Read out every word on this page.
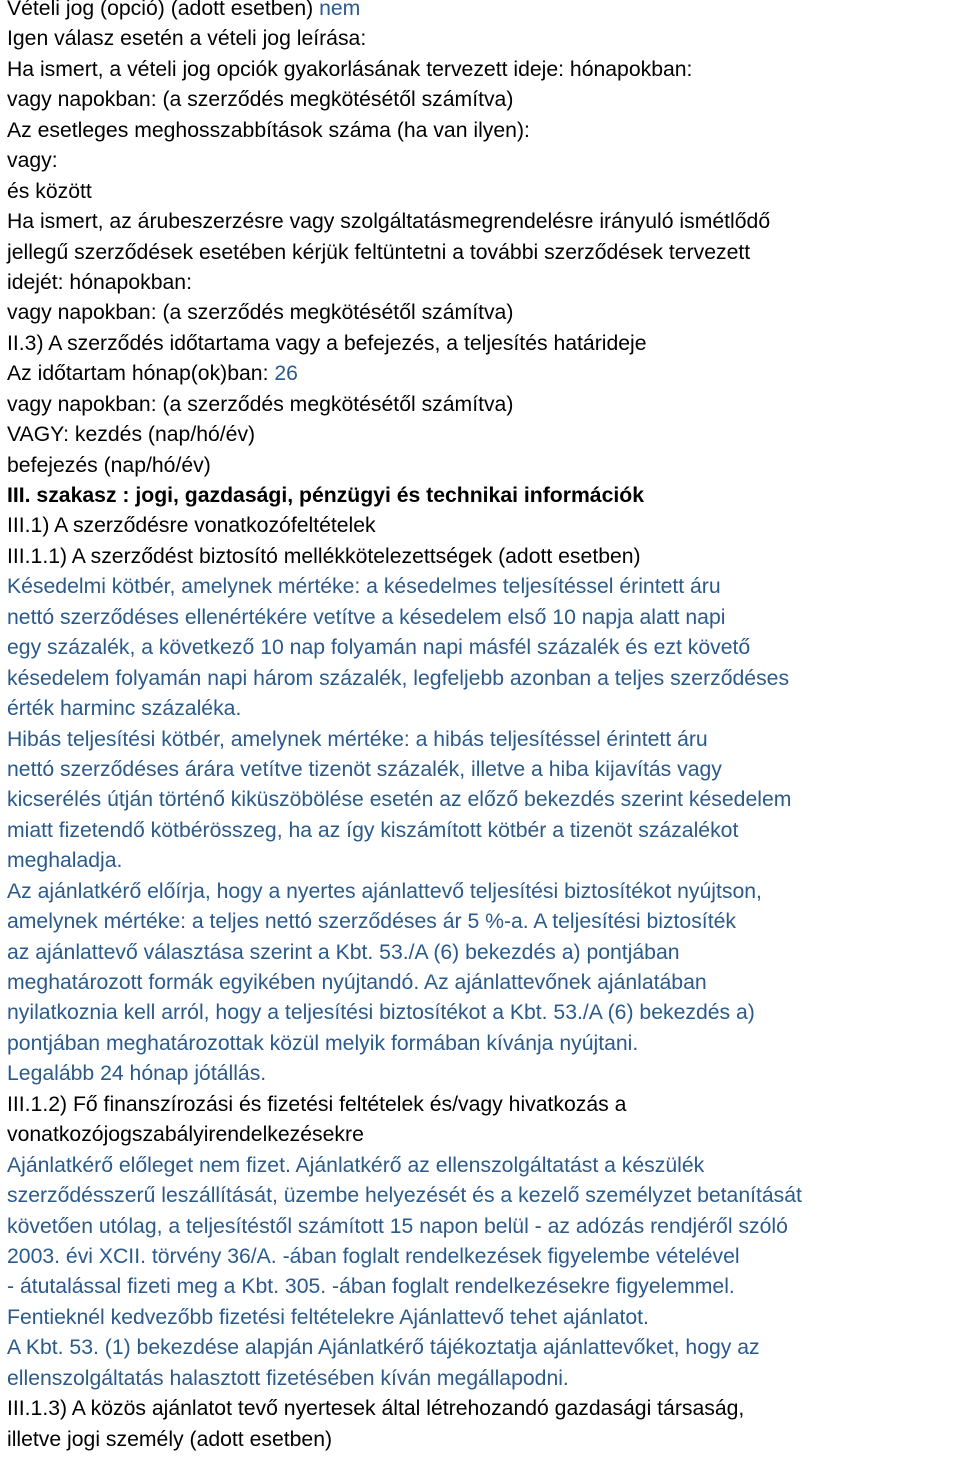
Vételi jog (opció) (adott esetben) nem
Igen válasz esetén a vételi jog leírása:
Ha ismert, a vételi jog opciók gyakorlásának tervezett ideje: hónapokban:
vagy napokban: (a szerződés megkötésétől számítva)
Az esetleges meghosszabbítások száma (ha van ilyen):
vagy:
és között
Ha ismert, az árubeszerzésre vagy szolgáltatásmegrendelésre irányuló ismétlődő
jellegű szerződések esetében kérjük feltüntetni a további szerződések tervezett
idejét: hónapokban:
vagy napokban: (a szerződés megkötésétől számítva)
II.3) A szerződés időtartama vagy a befejezés, a teljesítés határideje
Az időtartam hónap(ok)ban: 26
vagy napokban: (a szerződés megkötésétől számítva)
VAGY: kezdés (nap/hó/év)
befejezés (nap/hó/év)
III. szakasz : jogi, gazdasági, pénzügyi és technikai információk
III.1) A szerződésre vonatkozófeltételek
III.1.1) A szerződést biztosító mellékkötelezettségek (adott esetben)
Késedelmi kötbér, amelynek mértéke: a késedelmes teljesítéssel érintett áru
nettó szerződéses ellenértékére vetítve a késedelem első 10 napja alatt napi
egy százalék, a következő 10 nap folyamán napi másfél százalék és ezt követő
késedelem folyamán napi három százalék, legfeljebb azonban a teljes szerződéses
érték harminc százaléka.
Hibás teljesítési kötbér, amelynek mértéke: a hibás teljesítéssel érintett áru
nettó szerződéses árára vetítve tizenöt százalék, illetve a hiba kijavítás vagy
kicserélés útján történő kiküszöbölése esetén az előző bekezdés szerint késedelem
miatt fizetendő kötbérösszeg, ha az így kiszámított kötbér a tizenöt százalékot
meghaladja.
Az ajánlatkérő előírja, hogy a nyertes ajánlattevő teljesítési biztosítékot nyújtson,
amelynek mértéke: a teljes nettó szerződéses ár 5 %-a. A teljesítési biztosíték
az ajánlattevő választása szerint a Kbt. 53./A (6) bekezdés a) pontjában
meghatározott formák egyikében nyújtandó. Az ajánlattevőnek ajánlatában
nyilatkoznia kell arról, hogy a teljesítési biztosítékot a Kbt. 53./A (6) bekezdés a)
pontjában meghatározottak közül melyik formában kívánja nyújtani.
Legalább 24 hónap jótállás.
III.1.2) Fő finanszírozási és fizetési feltételek és/vagy hivatkozás a
vonatkozójogszabályirendelkezésekre
Ajánlatkérő előleget nem fizet. Ajánlatkérő az ellenszolgáltatást a készülék
szerződésszerű leszállítását, üzembe helyezését és a kezelő személyzet betanítását
követően utólag, a teljesítéstől számított 15 napon belül - az adózás rendjéről szóló
2003. évi XCII. törvény 36/A. -ában foglalt rendelkezések figyelembe vételével
- átutalással fizeti meg a Kbt. 305. -ában foglalt rendelkezésekre figyelemmel.
Fentieknél kedvezőbb fizetési feltételekre Ajánlattevő tehet ajánlatot.
A Kbt. 53. (1) bekezdése alapján Ajánlatkérő tájékoztatja ajánlattevőket, hogy az
ellenszolgáltatás halasztott fizetésében kíván megállapodni.
III.1.3) A közös ajánlatot tevő nyertesek által létrehozandó gazdasági társaság,
illetve jogi személy (adott esetben)
